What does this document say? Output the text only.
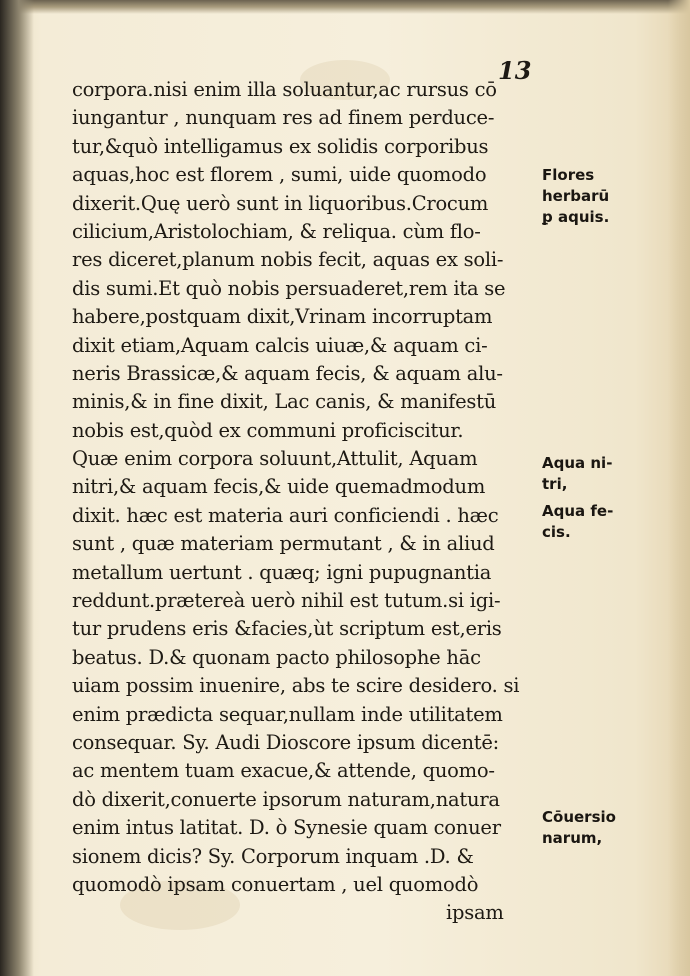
⁠ ⁠ ⁠
13
corpora.nisi enim illa soluantur,ac rursus cō
iungantur , nunquam res ad finem perduce-
tur,&quò intelligamus ex solidis corporibus
aquas,hoc est florem , sumi, uide quomodo
dixerit.Quę uerò sunt in liquoribus.Crocum
cilicium,Aristolochiam, & reliqua. cùm flo-
res diceret,planum nobis fecit, aquas ex soli-
dis sumi.Et quò nobis persuaderet,rem ita se
habere,postquam dixit,Vrinam incorruptam
dixit etiam,Aquam calcis uiuæ,& aquam ci-
neris Brassicæ,& aquam fecis, & aquam alu-
minis,& in fine dixit, Lac canis, & manifestū
nobis est,quòd ex communi proficiscitur.
Quæ enim corpora soluunt,Attulit, Aquam
nitri,& aquam fecis,& uide quemadmodum
dixit. hæc est materia auri conficiendi . hæc
sunt , quæ materiam permutant , & in aliud
metallum uertunt . quæq; igni pupugnantia
reddunt.prætereà uerò nihil est tutum.si igi-
tur prudens eris &facies,ùt scriptum est,eris
beatus. D.& quonam pacto philosophe hāc
uiam possim inuenire, abs te scire desidero. si
enim prædicta sequar,nullam inde utilitatem
consequar. Sy. Audi Dioscore ipsum dicentē:
ac mentem tuam exacue,& attende, quomo-
dò dixerit,conuerte ipsorum naturam,natura
enim intus latitat. D. ò Synesie quam conuer
sionem dicis? Sy. Corporum inquam .D. &
quomodò ipsam conuertam , uel quomodò
ipsam
Flores
herbarū
ꝑ aquis.
Aqua ni-
tri,
Aqua fe-
cis.
Cōuersio
narum,
